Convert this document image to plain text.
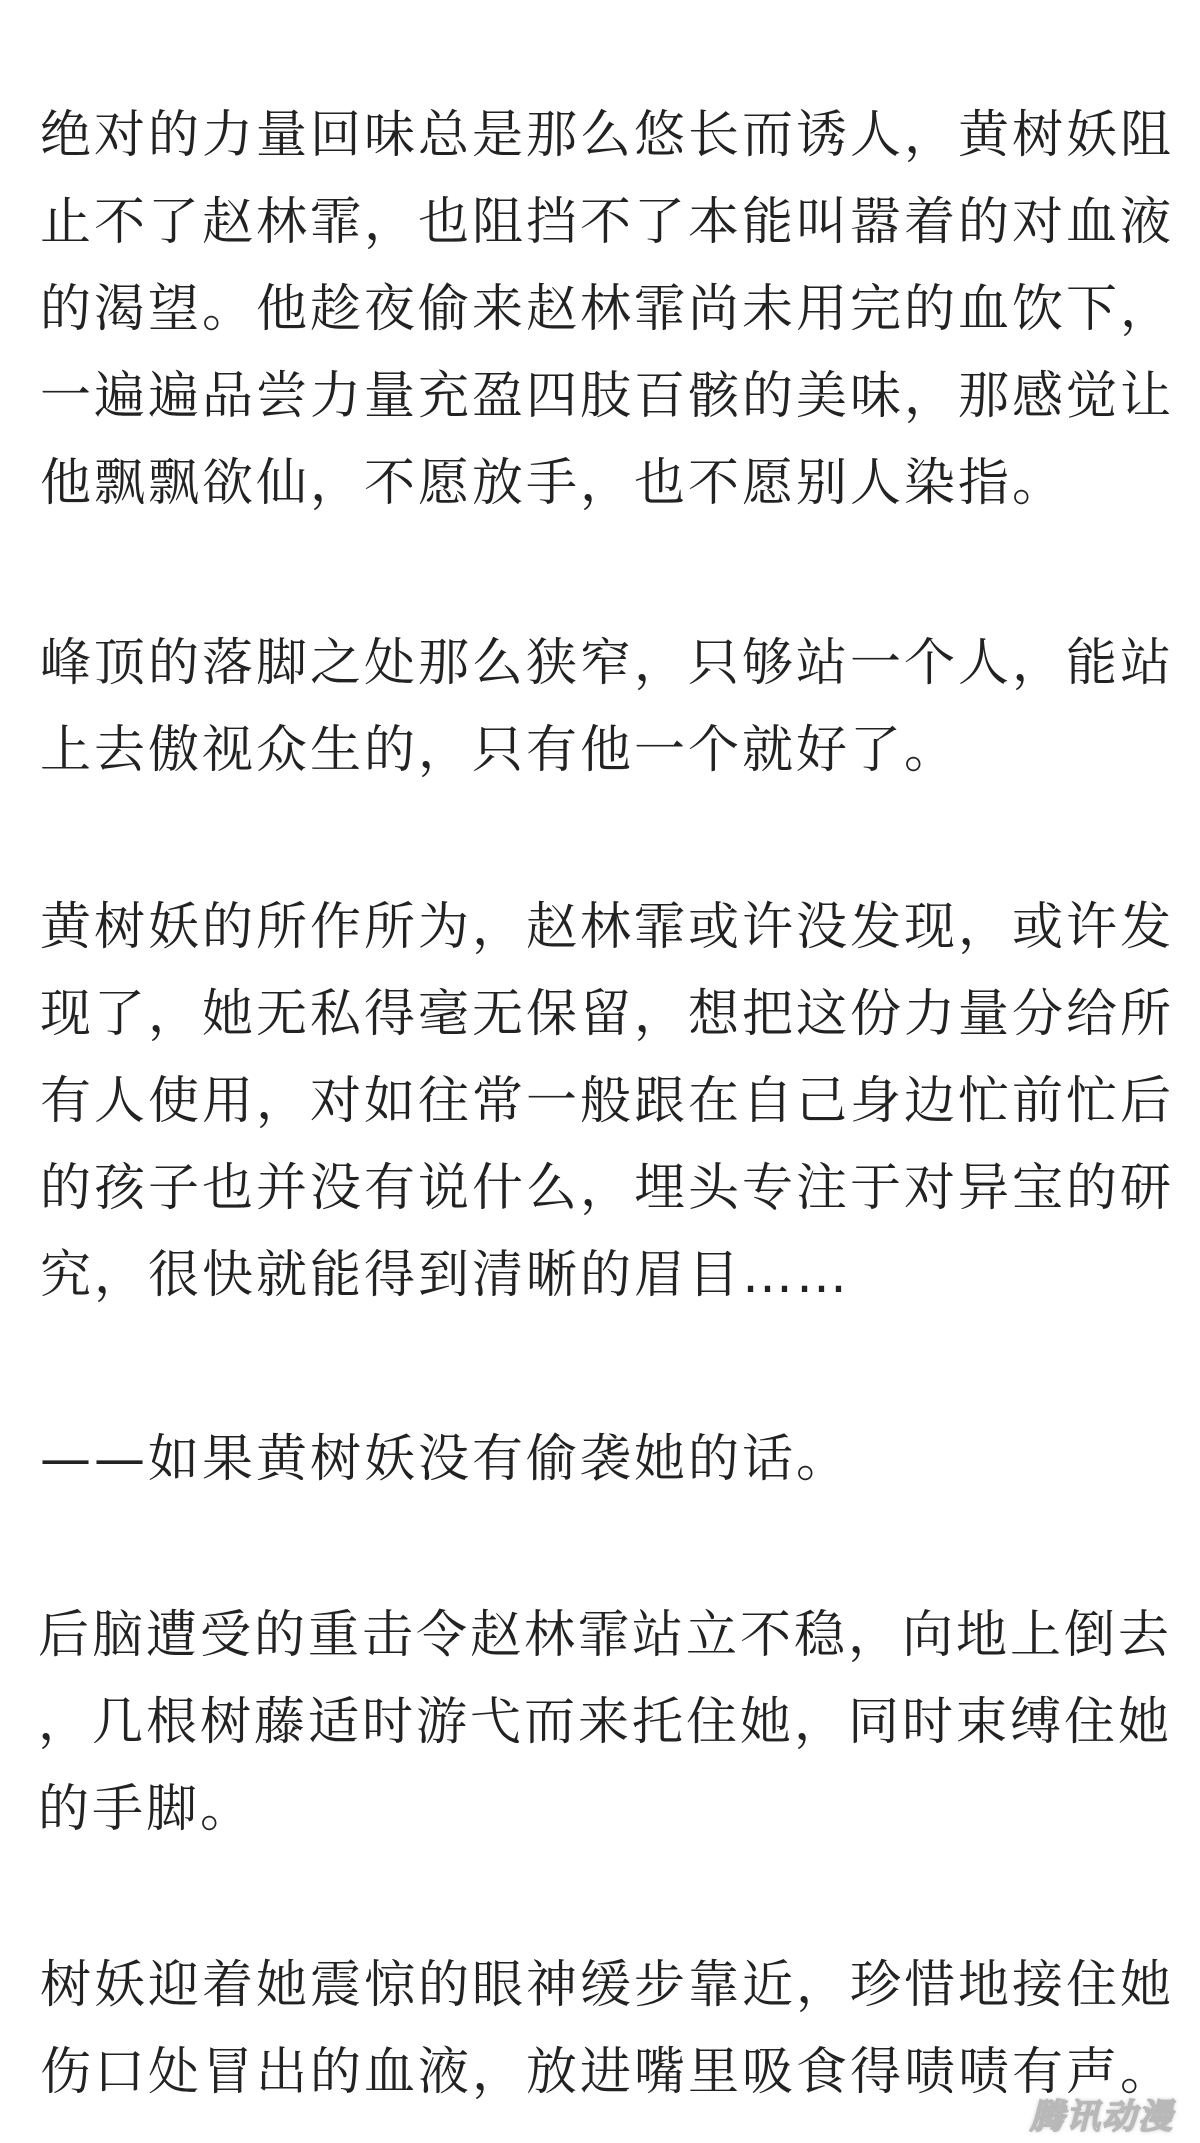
绝对的力量回味总是那么悠长而诱人，黄树妖阻
止不了赵林霏，也阻挡不了本能叫嚣着的对血液
的渴望。他趁夜偷来赵林霏尚未用完的血饮下，
一遍遍品尝力量充盈四肢百骸的美味，那感觉让
他飘飘欲仙，不愿放手，也不愿别人染指。
峰顶的落脚之处那么狭窄，只够站一个人，能站
上去傲视众生的，只有他一个就好了。
黄树妖的所作所为，赵林霏或许没发现，或许发
现了，她无私得毫无保留，想把这份力量分给所
有人使用，对如往常一般跟在自己身边忙前忙后
的孩子也并没有说什么，埋头专注于对异宝的研
究，很快就能得到清晰的眉目……
——如果黄树妖没有偷袭她的话。
后脑遭受的重击令赵林霏站立不稳，向地上倒去
，几根树藤适时游弋而来托住她，同时束缚住她
的手脚。
树妖迎着她震惊的眼神缓步靠近，珍惜地接住她
伤口处冒出的血液，放进嘴里吸食得啧啧有声。
腾讯动漫
